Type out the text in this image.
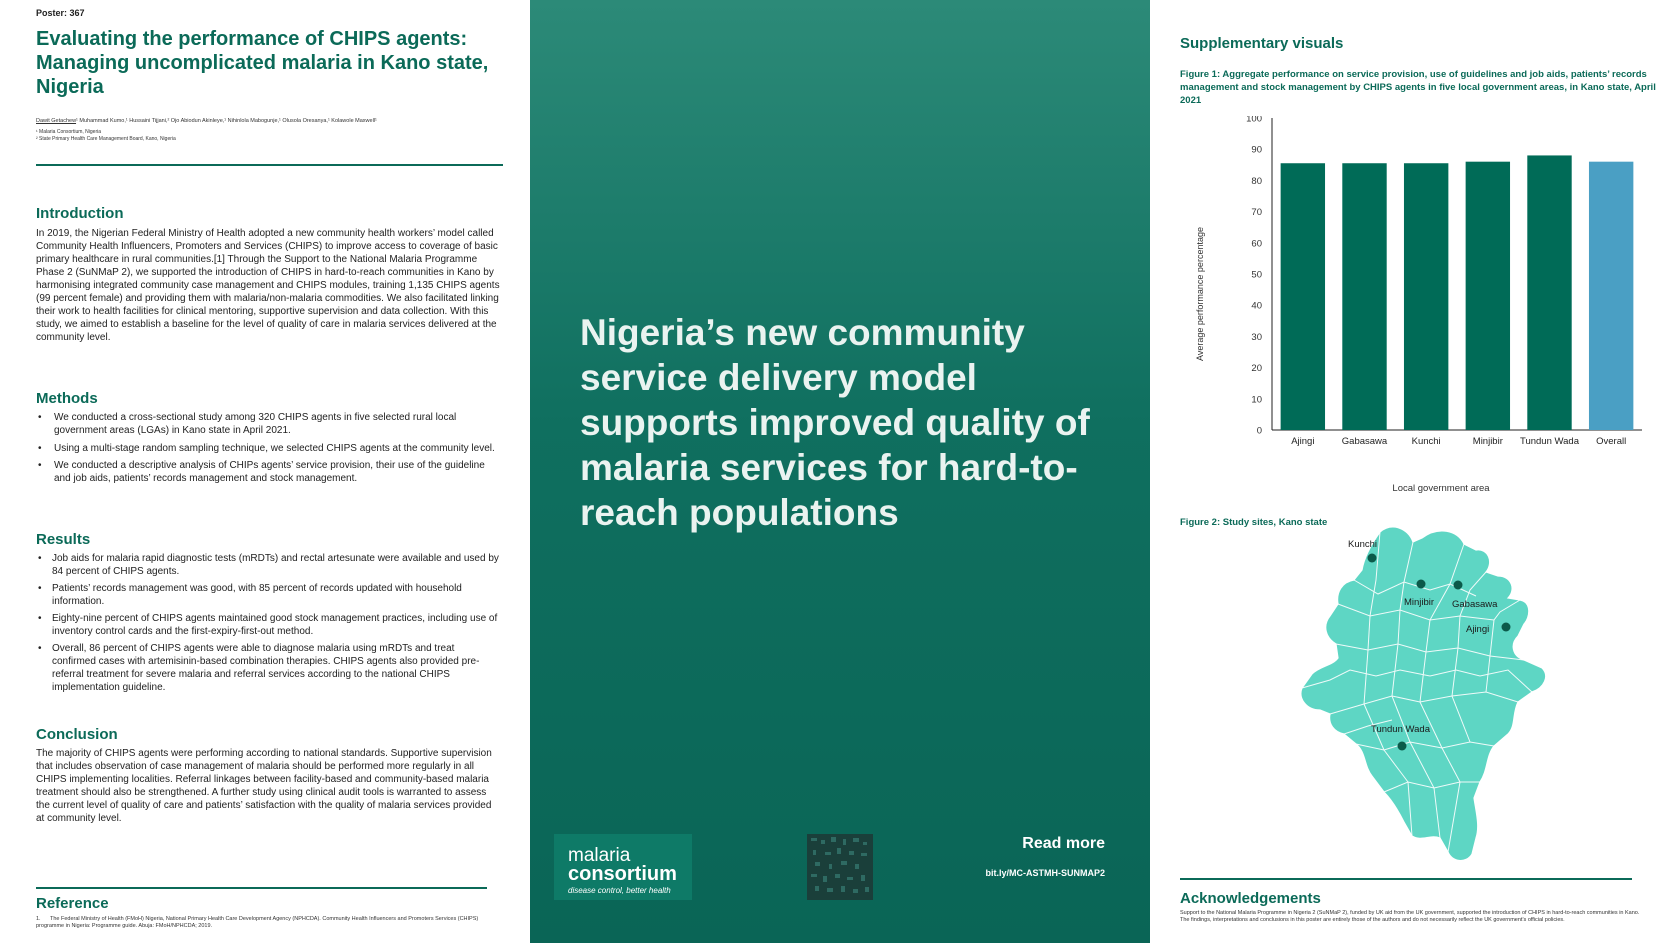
Poster: 367
Evaluating the performance of CHIPS agents: Managing uncomplicated malaria in Kano state, Nigeria
Dawit Getachew¹ Muhammad Kumo,¹ Hussaini Tijjani,² Ojo Abiodun Akinleye,¹ Nihinlola Mabogunje,¹ Olusola Oresanya,¹ Kolawole Maxwell¹
¹ Malaria Consortium, Nigeria
² State Primary Health Care Management Board, Kano, Nigeria
Introduction
In 2019, the Nigerian Federal Ministry of Health adopted a new community health workers’ model called Community Health Influencers, Promoters and Services (CHIPS) to improve access to coverage of basic primary healthcare in rural communities.[1] Through the Support to the National Malaria Programme Phase 2 (SuNMaP 2), we supported the introduction of CHIPS in hard-to-reach communities in Kano by harmonising integrated community case management and CHIPS modules, training 1,135 CHIPS agents (99 percent female) and providing them with malaria/non-malaria commodities. We also facilitated linking their work to health facilities for clinical mentoring, supportive supervision and data collection. With this study, we aimed to establish a baseline for the level of quality of care in malaria services delivered at the community level.
Methods
• We conducted a cross-sectional study among 320 CHIPS agents in five selected rural local government areas (LGAs) in Kano state in April 2021.
• Using a multi-stage random sampling technique, we selected CHIPS agents at the community level.
• We conducted a descriptive analysis of CHIPs agents’ service provision, their use of the guideline and job aids, patients’ records management and stock management.
Results
• Job aids for malaria rapid diagnostic tests (mRDTs) and rectal artesunate were available and used by 84 percent of CHIPS agents.
• Patients’ records management was good, with 85 percent of records updated with household information.
• Eighty-nine percent of CHIPS agents maintained good stock management practices, including use of inventory control cards and the first-expiry-first-out method.
• Overall, 86 percent of CHIPS agents were able to diagnose malaria using mRDTs and treat confirmed cases with artemisinin-based combination therapies. CHIPS agents also provided pre-referral treatment for severe malaria and referral services according to the national CHIPS implementation guideline.
Conclusion
The majority of CHIPS agents were performing according to national standards. Supportive supervision that includes observation of case management of malaria should be performed more regularly in all CHIPS implementing localities. Referral linkages between facility-based and community-based malaria treatment should also be strengthened. A further study using clinical audit tools is warranted to assess the current level of quality of care and patients’ satisfaction with the quality of malaria services provided at community level.
Reference
1. The Federal Ministry of Health (FMoH) Nigeria, National Primary Health Care Development Agency (NPHCDA). Community Health Influencers and Promoters Services (CHIPS) programme in Nigeria: Programme guide. Abuja: FMoH/NPHCDA; 2019.
Nigeria’s new community service delivery model supports improved quality of malaria services for hard-to-reach populations
malaria
consortium
disease control, better health
Read more
bit.ly/MC-ASTMH-SUNMAP2
Supplementary visuals
Figure 1: Aggregate performance on service provision, use of guidelines and job aids, patients’ records management and stock management by CHIPS agents in five local government areas, in Kano state, April 2021
0
10
20
30
40
50
60
70
80
90
100
Ajingi	Gabasawa	Kunchi	Minjibir Tundun Wada Overall
Average performance percentage
Local government area
Figure 2: Study sites, Kano state
Kunchi
Minjibir Gabasawa
Ajingi
Tundun Wada
Acknowledgements
Support to the National Malaria Programme in Nigeria 2 (SuNMaP 2), funded by UK aid from the UK government, supported the introduction of CHIPS in hard-to-reach communities in Kano. The findings, interpretations and conclusions in this poster are entirely those of the authors and do not necessarily reflect the UK government’s official policies.
